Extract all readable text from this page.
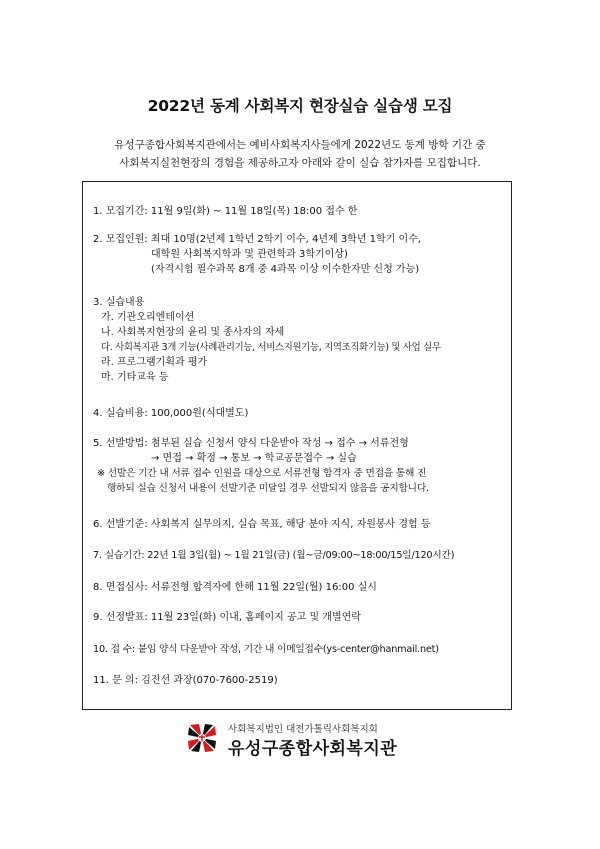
2022년 동계 사회복지 현장실습 실습생 모집
유성구종합사회복지관에서는 예비사회복지사들에게 2022년도 동계 방학 기간 중
사회복지실천현장의 경험을 제공하고자 아래와 같이 실습 참가자를 모집합니다.
1. 모집기간: 11월 9일(화) ~ 11월 18일(목) 18:00 접수 한
2. 모집인원: 최대 10명(2년제 1학년 2학기 이수, 4년제 3학년 1학기 이수,
대학원 사회복지학과 및 관련학과 3학기이상)
(자격시험 필수과목 8개 중 4과목 이상 이수한자만 신청 가능)
3. 실습내용
가. 기관오리엔테이션
나. 사회복지현장의 윤리 및 종사자의 자세
다. 사회복지관 3개 기능(사례관리기능, 서비스지원기능, 지역조직화기능) 및 사업 실무
라. 프로그램기획과 평가
마. 기타교육 등
4. 실습비용: 100,000원(식대별도)
5. 선발방법: 첨부된 실습 신청서 양식 다운받아 작성 → 접수 → 서류전형
→ 면접 → 확정 → 통보 → 학교공문접수 → 실습
※ 선발은 기간 내 서류 접수 인원을 대상으로 서류전형 합격자 중 면접을 통해 진
행하되 실습 신청서 내용이 선발기준 미달일 경우 선발되지 않음을 공지합니다.
6. 선발기준: 사회복지 실무의지, 실습 목표, 해당 분야 지식, 자원봉사 경험 등
7. 실습기간: 22년 1월 3일(월) ~ 1월 21일(금) (월~금/09:00~18:00/15일/120시간)
8. 면접심사: 서류전형 합격자에 한해 11월 22일(월) 16:00 실시
9. 선정발표: 11월 23일(화) 이내, 홈페이지 공고 및 개별연락
10. 접 수: 붙임 양식 다운받아 작성, 기간 내 이메일접수(ys-center@hanmail.net)
11. 문 의: 김진선 과장(070-7600-2519)
사회복지법인 대전가톨릭사회복지회
유성구종합사회복지관
